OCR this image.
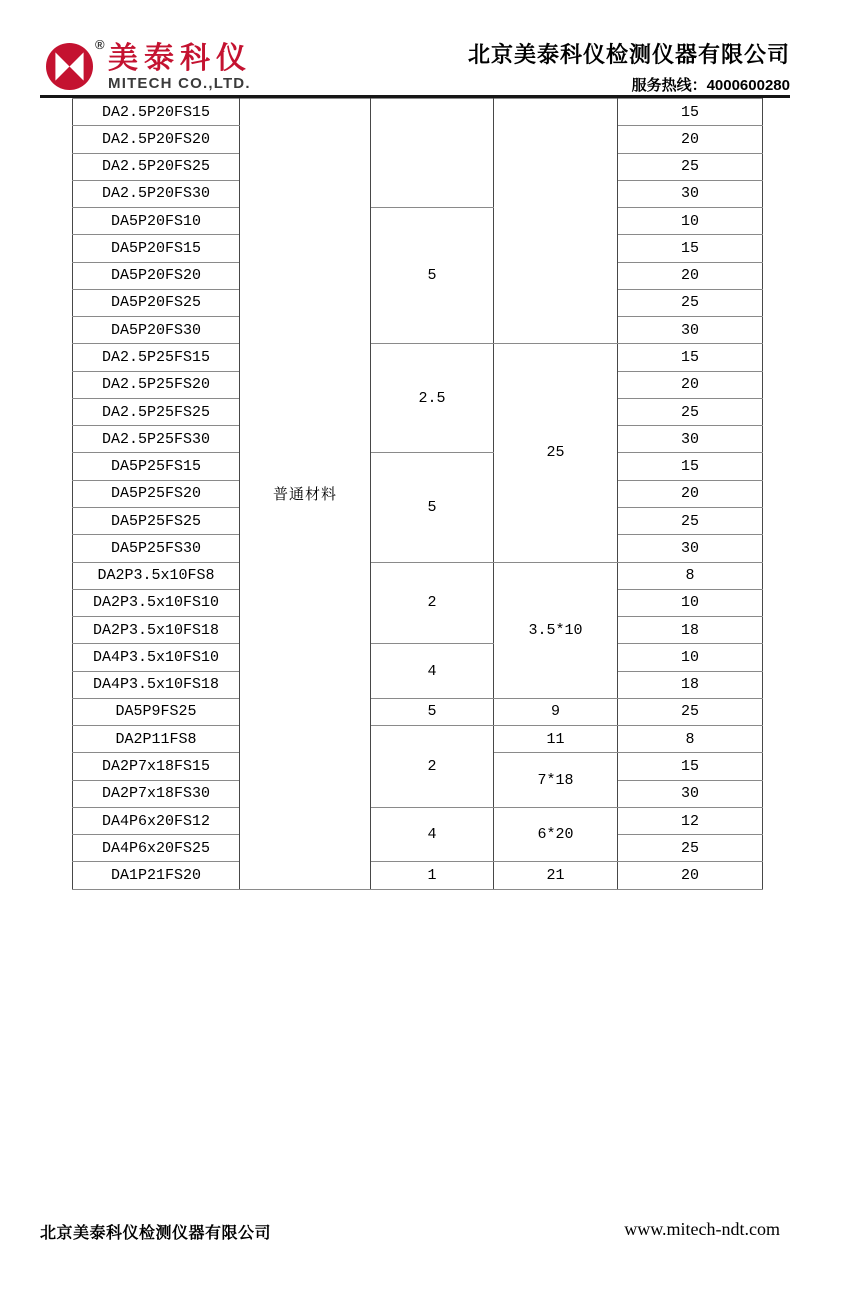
® 美泰科仪
MITECH CO.,LTD.
北京美泰科仪检测仪器有限公司
服务热线：4000600280
DA2.5P20FS15	普通材料			15
DA2.5P20FS20				20
DA2.5P20FS25				25
DA2.5P20FS30				30
DA5P20FS10		5		10
DA5P20FS15				15
DA5P20FS20				20
DA5P20FS25				25
DA5P20FS30				30
DA2.5P25FS15		2.5	25	15
DA2.5P25FS20				20
DA2.5P25FS25				25
DA2.5P25FS30				30
DA5P25FS15		5		15
DA5P25FS20				20
DA5P25FS25				25
DA5P25FS30				30
DA2P3.5x10FS8		2	3.5*10	8
DA2P3.5x10FS10				10
DA2P3.5x10FS18				18
DA4P3.5x10FS10		4		10
DA4P3.5x10FS18				18
DA5P9FS25		5	9	25
DA2P11FS8		2	11	8
DA2P7x18FS15			7*18	15
DA2P7x18FS30				30
DA4P6x20FS12		4	6*20	12
DA4P6x20FS25				25
DA1P21FS20		1	21	20
北京美泰科仪检测仪器有限公司	www.mitech-ndt.com
